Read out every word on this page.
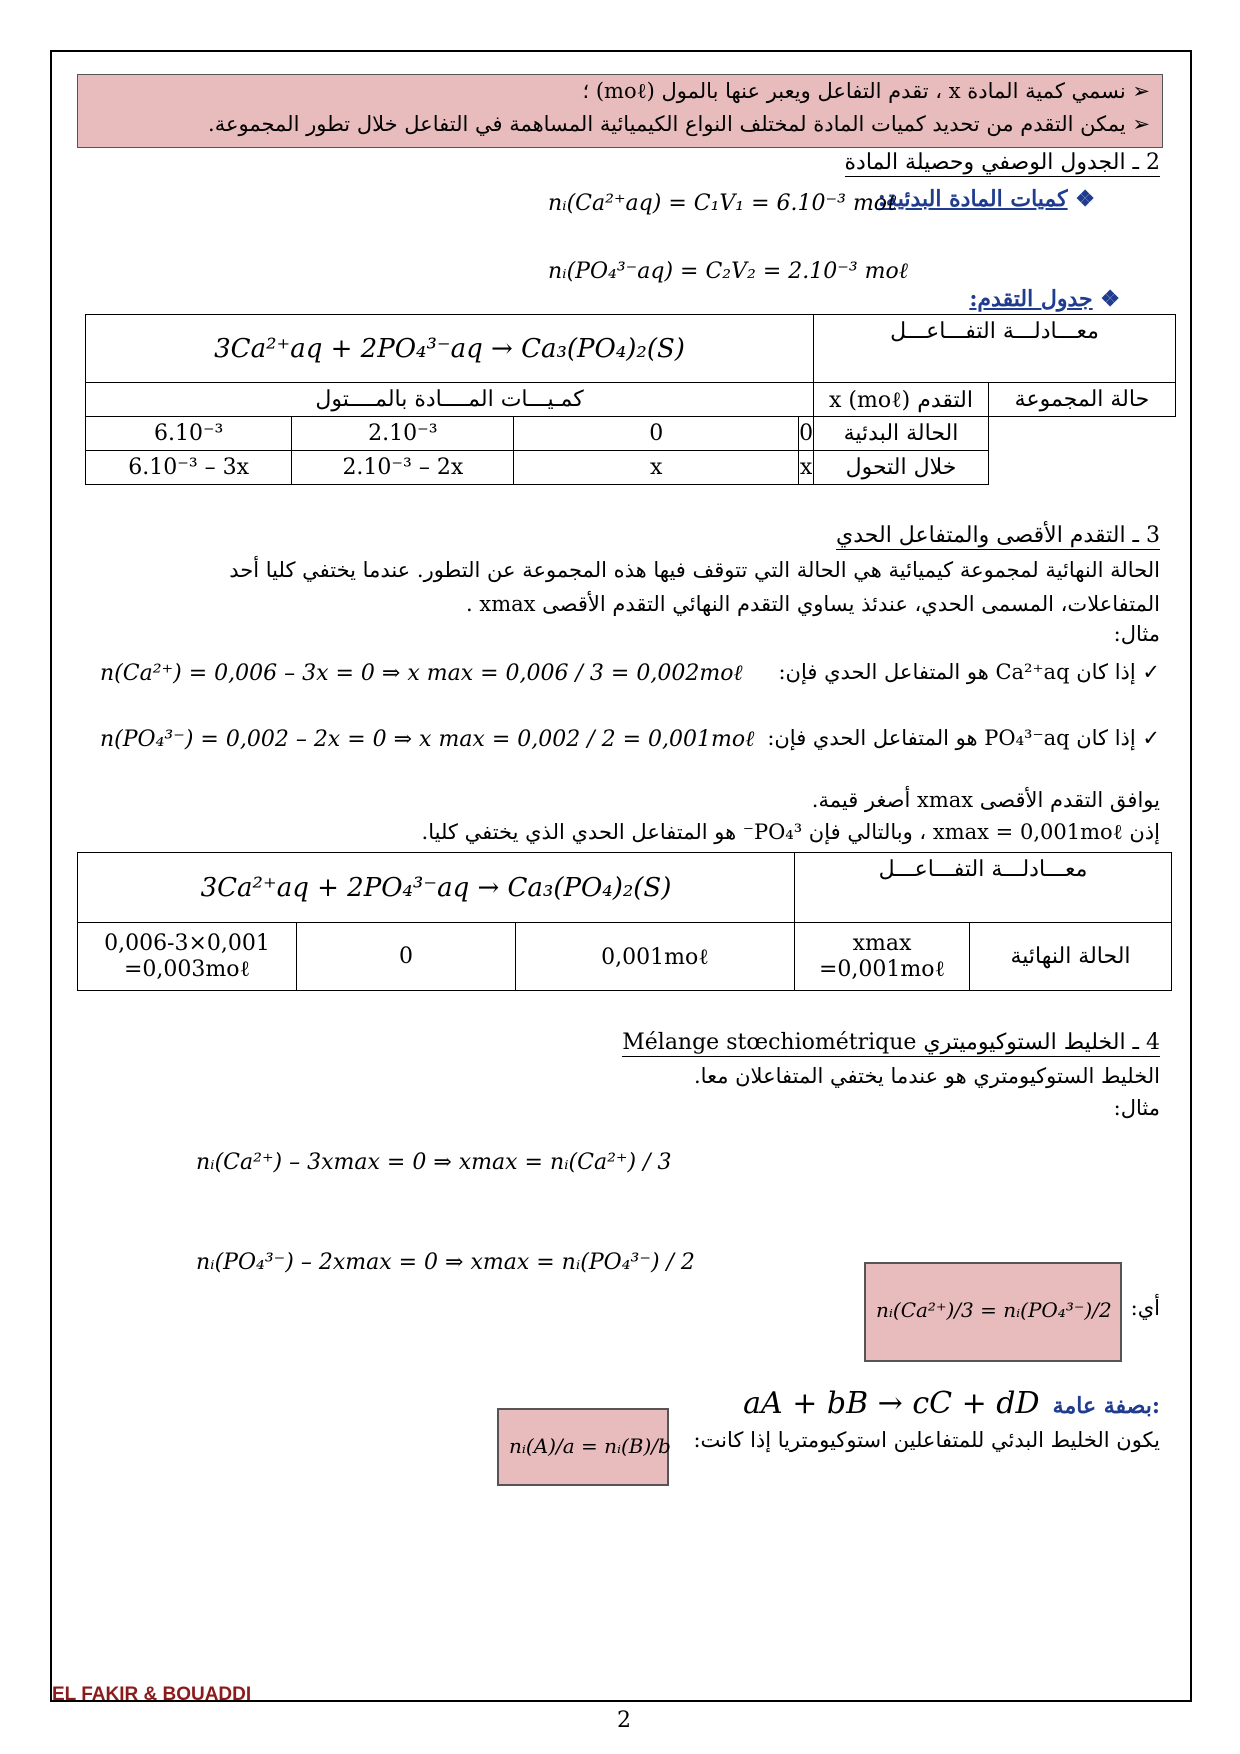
➢ نسمي كمية المادة x ، تقدم التفاعل ويعبر عنها بالمول (moℓ) ؛
➢ يمكن التقدم من تحديد كميات المادة لمختلف النواع الكيميائية المساهمة في التفاعل خلال تطور المجموعة.
2 ـ الجدول الوصفي وحصيلة المادة
❖ كميات المادة البدئية:
nᵢ(Ca²⁺aq) = C₁V₁ = 6.10⁻³ moℓ
nᵢ(PO₄³⁻aq) = C₂V₂ = 2.10⁻³ moℓ
❖ جدول التقدم:
3Ca²⁺aq + 2PO₄³⁻aq → Ca₃(PO₄)₂(S)				معـــادلـــة التفـــاعـــل	

كمـيـــات المــــادة بالمــــتول				التقدم x (moℓ)	حالة المجموعة
6.10⁻³	2.10⁻³	0	0	الحالة البدئية	
6.10⁻³ – 3x	2.10⁻³ – 2x	x	x	خلال التحول	
3 ـ التقدم الأقصى والمتفاعل الحدي
الحالة النهائية لمجموعة كيميائية هي الحالة التي تتوقف فيها هذه المجموعة عن التطور. عندما يختفي كليا أحد
المتفاعلات، المسمى الحدي، عندئذ يساوي التقدم النهائي التقدم الأقصى xmax .
مثال:
✓ إذا كان Ca²⁺aq هو المتفاعل الحدي فإن:
n(Ca²⁺) = 0,006 – 3x = 0 ⇒ x max = 0,006 / 3 = 0,002moℓ
✓ إذا كان PO₄³⁻aq هو المتفاعل الحدي فإن:
n(PO₄³⁻) = 0,002 – 2x = 0 ⇒ x max = 0,002 / 2 = 0,001moℓ
يوافق التقدم الأقصى xmax أصغر قيمة.
إذن xmax = 0,001moℓ ، وبالتالي فإن PO₄³⁻ هو المتفاعل الحدي الذي يختفي كليا.
3Ca²⁺aq + 2PO₄³⁻aq → Ca₃(PO₄)₂(S)			معـــادلـــة التفـــاعـــل	

0,006-3×0,001
=0,003moℓ	0	0,001moℓ	xmax =0,001moℓ	الحالة النهائية
4 ـ الخليط الستوكيوميتري Mélange stœchiométrique
الخليط الستوكيومتري هو عندما يختفي المتفاعلان معا.
مثال:
nᵢ(Ca²⁺) – 3xmax = 0 ⇒ xmax = nᵢ(Ca²⁺) / 3
nᵢ(PO₄³⁻) – 2xmax = 0 ⇒ xmax = nᵢ(PO₄³⁻) / 2
أي:
nᵢ(Ca²⁺)/3 = nᵢ(PO₄³⁻)/2
aA + bB → cC + dD بصفة عامة:
يكون الخليط البدئي للمتفاعلين استوكيومتريا إذا كانت:
nᵢ(A)/a = nᵢ(B)/b
EL FAKIR & BOUADDI
2
